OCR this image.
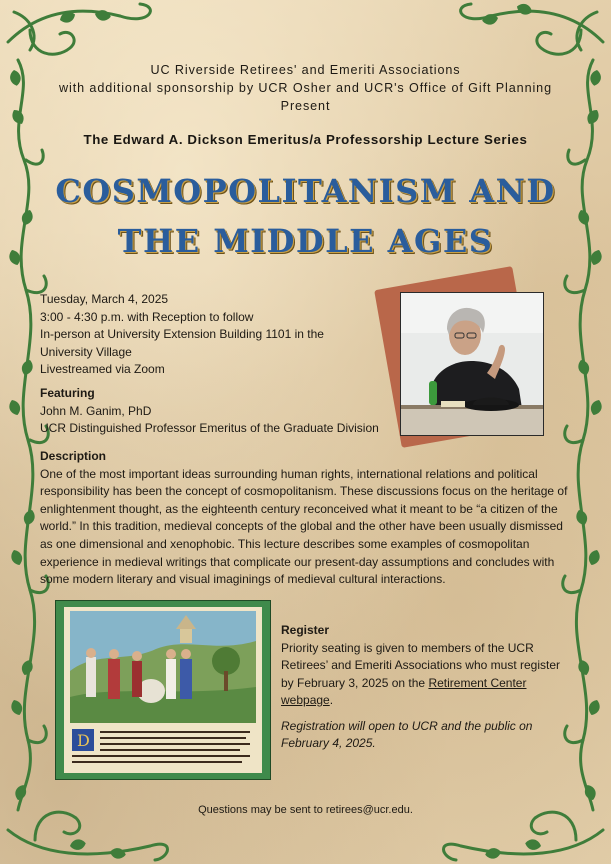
UC Riverside Retirees' and Emeriti Associations
with additional sponsorship by UCR Osher and UCR's Office of Gift Planning
Present
The Edward A. Dickson Emeritus/a Professorship Lecture Series
COSMOPOLITANISM AND
THE MIDDLE AGES
Tuesday, March 4, 2025
3:00 - 4:30 p.m. with Reception to follow
In-person at University Extension Building 1101 in the
University Village
Livestreamed via Zoom
Featuring
John M. Ganim, PhD
UCR Distinguished Professor Emeritus of the Graduate Division
Description

One of the most important ideas surrounding human rights, international relations and political responsibility has been the concept of cosmopolitanism. These discussions focus on the heritage of enlightenment thought, as the eighteenth century reconceived what it meant to be “a citizen of the world.” In this tradition, medieval concepts of the global and the other have been usually dismissed as one dimensional and xenophobic. This lecture describes some examples of cosmopolitan experience in medieval writings that complicate our present-day assumptions and concludes with some modern literary and visual imaginings of medieval cultural interactions.

D
Register

Priority seating is given to members of the UCR Retirees’ and Emeriti Associations who must register by February 3, 2025 on the Retirement Center webpage.

Registration will open to UCR and the public on February 4, 2025.

Questions may be sent to retirees@ucr.edu.
